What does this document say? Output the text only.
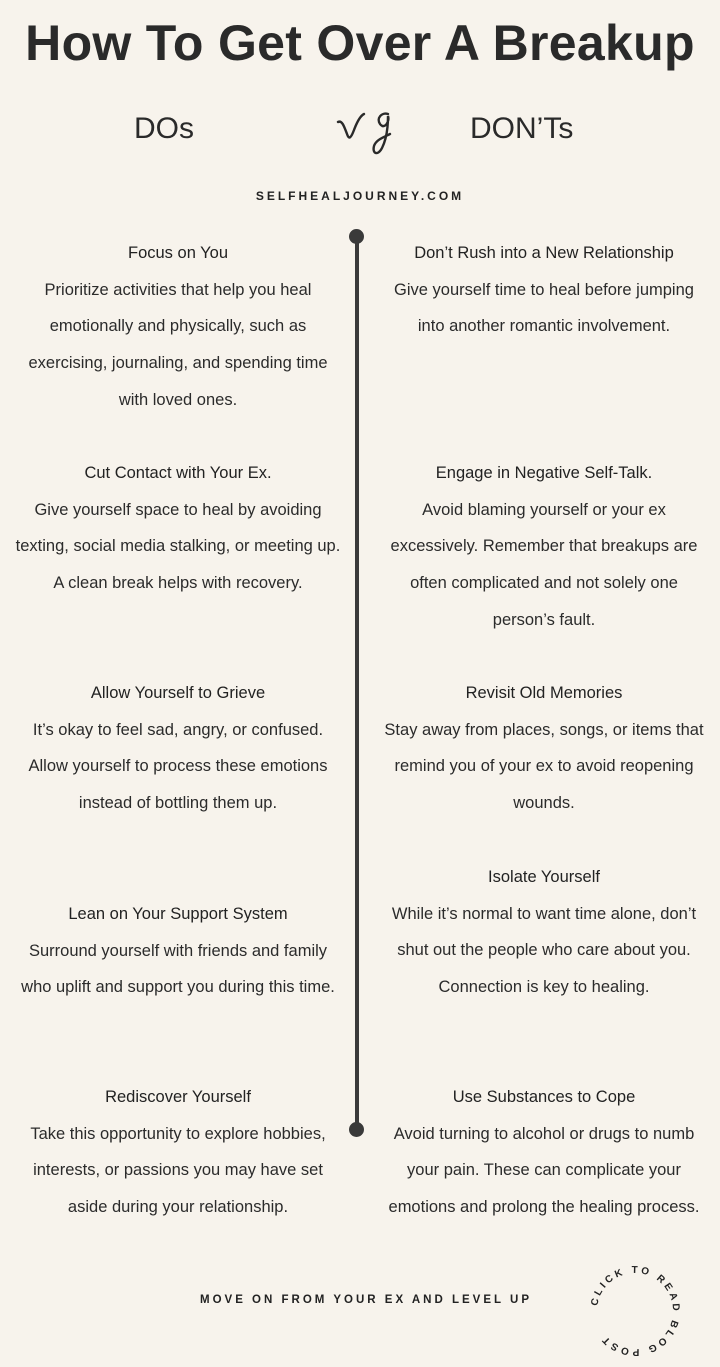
How To Get Over A Breakup
DOs	DON’Ts
SELFHEALJOURNEY.COM
Focus on You
Prioritize activities that help you heal emotionally and physically, such as exercising, journaling, and spending time with loved ones.
Cut Contact with Your Ex.
Give yourself space to heal by avoiding texting, social media stalking, or meeting up. A clean break helps with recovery.
Allow Yourself to Grieve
It’s okay to feel sad, angry, or confused. Allow yourself to process these emotions instead of bottling them up.
Lean on Your Support System
Surround yourself with friends and family who uplift and support you during this time.
Rediscover Yourself
Take this opportunity to explore hobbies, interests, or passions you may have set aside during your relationship.
Don’t Rush into a New Relationship
Give yourself time to heal before jumping into another romantic involvement.
Engage in Negative Self-Talk.
Avoid blaming yourself or your ex excessively. Remember that breakups are often complicated and not solely one person’s fault.
Revisit Old Memories
Stay away from places, songs, or items that remind you of your ex to avoid reopening wounds.
Isolate Yourself
While it’s normal to want time alone, don’t shut out the people who care about you. Connection is key to healing.
Use Substances to Cope
Avoid turning to alcohol or drugs to numb your pain. These can complicate your emotions and prolong the healing process.
MOVE ON FROM YOUR EX AND LEVEL UP	CLICK TO READ BLOG POST
